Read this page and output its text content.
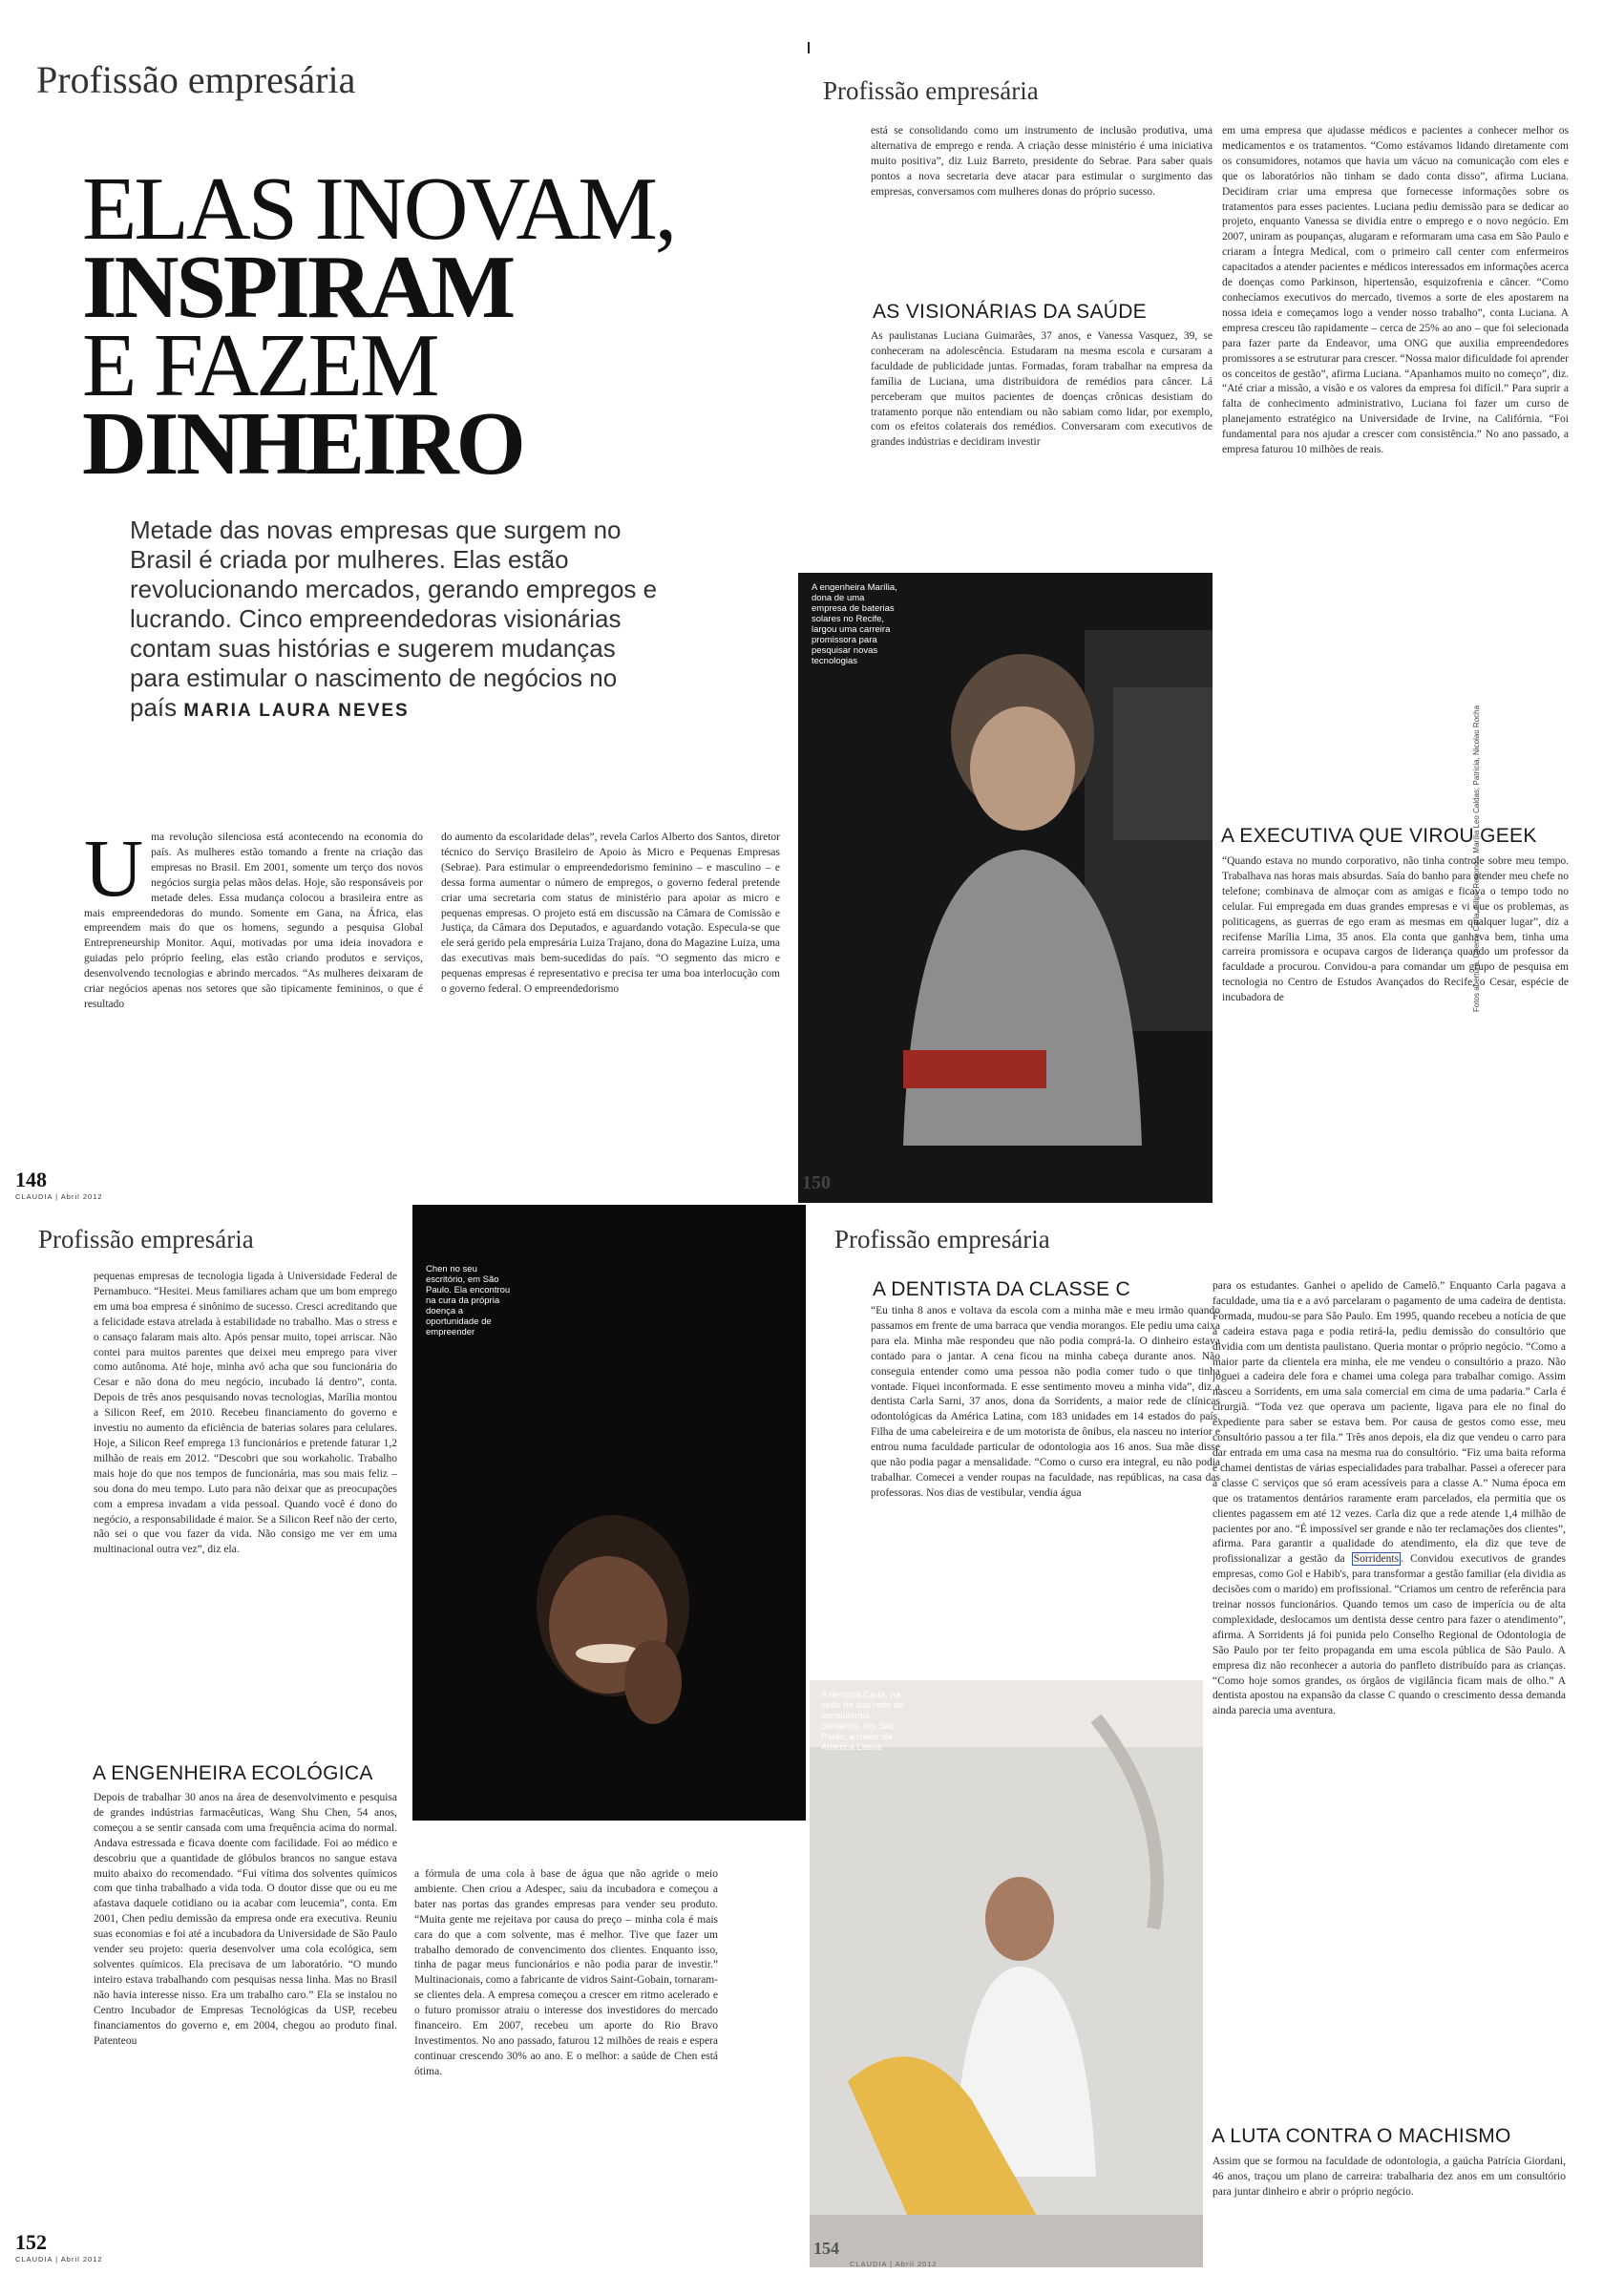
Profissão empresária
ELAS INOVAM,
INSPIRAM
E FAZEM
DINHEIRO

Metade das novas empresas que surgem no Brasil é criada por mulheres. Elas estão revolucionando mercados, gerando empregos e lucrando. Cinco empreendedoras visionárias contam suas histórias e sugerem mudanças para estimular o nascimento de negócios no país MARIA LAURA NEVES

Uma revolução silenciosa está acontecendo na economia do país. As mulheres estão tomando a frente na criação das empresas no Brasil. Em 2001, somente um terço dos novos negócios surgia pelas mãos delas. Hoje, são responsáveis por metade deles. Essa mudança colocou a brasileira entre as mais empreendedoras do mundo. Somente em Gana, na África, elas empreendem mais do que os homens, segundo a pesquisa Global Entrepreneurship Monitor. Aqui, motivadas por uma ideia inovadora e guiadas pelo próprio feeling, elas estão criando produtos e serviços, desenvolvendo tecnologias e abrindo mercados. “As mulheres deixaram de criar negócios apenas nos setores que são tipicamente femininos, o que é resultado
do aumento da escolaridade delas”, revela Carlos Alberto dos Santos, diretor técnico do Serviço Brasileiro de Apoio às Micro e Pequenas Empresas (Sebrae). Para estimular o empreendedorismo feminino – e masculino – e dessa forma aumentar o número de empregos, o governo federal pretende criar uma secretaria com status de ministério para apoiar as micro e pequenas empresas. O projeto está em discussão na Câmara de Comissão e Justiça, da Câmara dos Deputados, e aguardando votação. Especula-se que ele será gerido pela empresária Luiza Trajano, dona do Magazine Luiza, uma das executivas mais bem-sucedidas do país. “O segmento das micro e pequenas empresas é representativo e precisa ter uma boa interlocução com o governo federal. O empreendedorismo
148
CLAUDIA | Abril 2012
Profissão empresária
está se consolidando como um instrumento de inclusão produtiva, uma alternativa de emprego e renda. A criação desse ministério é uma iniciativa muito positiva”, diz Luiz Barreto, presidente do Sebrae. Para saber quais pontos a nova secretaria deve atacar para estimular o surgimento das empresas, conversamos com mulheres donas do próprio sucesso.
AS VISIONÁRIAS DA SAÚDE
As paulistanas Luciana Guimarães, 37 anos, e Vanessa Vasquez, 39, se conheceram na adolescência. Estudaram na mesma escola e cursaram a faculdade de publicidade juntas. Formadas, foram trabalhar na empresa da família de Luciana, uma distribuidora de remédios para câncer. Lá perceberam que muitos pacientes de doenças crônicas desistiam do tratamento porque não entendiam ou não sabiam como lidar, por exemplo, com os efeitos colaterais dos remédios. Conversaram com executivos de grandes indústrias e decidiram investir
A engenheira Marília, dona de uma empresa de baterias solares no Recife, largou uma carreira promissora para pesquisar novas tecnologias
150
em uma empresa que ajudasse médicos e pacientes a conhecer melhor os medicamentos e os tratamentos. “Como estávamos lidando diretamente com os consumidores, notamos que havia um vácuo na comunicação com eles e que os laboratórios não tinham se dado conta disso”, afirma Luciana. Decidiram criar uma empresa que fornecesse informações sobre os tratamentos para esses pacientes. Luciana pediu demissão para se dedicar ao projeto, enquanto Vanessa se dividia entre o emprego e o novo negócio. Em 2007, uniram as poupanças, alugaram e reformaram uma casa em São Paulo e criaram a Íntegra Medical, com o primeiro call center com enfermeiros capacitados a atender pacientes e médicos interessados em informações acerca de doenças como Parkinson, hipertensão, esquizofrenia e câncer. “Como conhecíamos executivos do mercado, tivemos a sorte de eles apostarem na nossa ideia e começamos logo a vender nosso trabalho”, conta Luciana. A empresa cresceu tão rapidamente – cerca de 25% ao ano – que foi selecionada para fazer parte da Endeavor, uma ONG que auxilia empreendedores promissores a se estruturar para crescer. “Nossa maior dificuldade foi aprender os conceitos de gestão”, afirma Luciana. “Apanhamos muito no começo”, diz. “Até criar a missão, a visão e os valores da empresa foi difícil.” Para suprir a falta de conhecimento administrativo, Luciana foi fazer um curso de planejamento estratégico na Universidade de Irvine, na Califórnia. “Foi fundamental para nos ajudar a crescer com consistência.” No ano passado, a empresa faturou 10 milhões de reais.
A EXECUTIVA QUE VIROU GEEK
“Quando estava no mundo corporativo, não tinha controle sobre meu tempo. Trabalhava nas horas mais absurdas. Saía do banho para atender meu chefe no telefone; combinava de almoçar com as amigas e ficava o tempo todo no celular. Fui empregada em duas grandes empresas e vi que os problemas, as politicagens, as guerras de ego eram as mesmas em qualquer lugar”, diz a recifense Marília Lima, 35 anos. Ela conta que ganhava bem, tinha uma carreira promissora e ocupava cargos de liderança quando um professor da faculdade a procurou. Convidou-a para comandar um grupo de pesquisa em tecnologia no Centro de Estudos Avançados do Recife, o Cesar, espécie de incubadora de	Fotos abertura, Chen e Carla, Filipe Redondo. Marília Leo Caldas; Patrícia, Nicolau Rocha
Profissão empresária
pequenas empresas de tecnologia ligada à Universidade Federal de Pernambuco. “Hesitei. Meus familiares acham que um bom emprego em uma boa empresa é sinônimo de sucesso. Cresci acreditando que a felicidade estava atrelada à estabilidade no trabalho. Mas o stress e o cansaço falaram mais alto. Após pensar muito, topei arriscar. Não contei para muitos parentes que deixei meu emprego para viver como autônoma. Até hoje, minha avó acha que sou funcionária do Cesar e não dona do meu negócio, incubado lá dentro”, conta. Depois de três anos pesquisando novas tecnologias, Marília montou a Silicon Reef, em 2010. Recebeu financiamento do governo e investiu no aumento da eficiência de baterias solares para celulares. Hoje, a Silicon Reef emprega 13 funcionários e pretende faturar 1,2 milhão de reais em 2012. “Descobri que sou workaholic. Trabalho mais hoje do que nos tempos de funcionária, mas sou mais feliz – sou dona do meu tempo. Luto para não deixar que as preocupações com a empresa invadam a vida pessoal. Quando você é dono do negócio, a responsabilidade é maior. Se a Silicon Reef não der certo, não sei o que vou fazer da vida. Não consigo me ver em uma multinacional outra vez”, diz ela.
Chen no seu escritório, em São Paulo. Ela encontrou na cura da própria doença a oportunidade de empreender
A ENGENHEIRA ECOLÓGICA
Depois de trabalhar 30 anos na área de desenvolvimento e pesquisa de grandes indústrias farmacêuticas, Wang Shu Chen, 54 anos, começou a se sentir cansada com uma frequência acima do normal. Andava estressada e ficava doente com facilidade. Foi ao médico e descobriu que a quantidade de glóbulos brancos no sangue estava muito abaixo do recomendado. “Fui vítima dos solventes químicos com que tinha trabalhado a vida toda. O doutor disse que ou eu me afastava daquele cotidiano ou ia acabar com leucemia”, conta. Em 2001, Chen pediu demissão da empresa onde era executiva. Reuniu suas economias e foi até a incubadora da Universidade de São Paulo vender seu projeto: queria desenvolver uma cola ecológica, sem solventes químicos. Ela precisava de um laboratório. “O mundo inteiro estava trabalhando com pesquisas nessa linha. Mas no Brasil não havia interesse nisso. Era um trabalho caro.” Ela se instalou no Centro Incubador de Empresas Tecnológicas da USP, recebeu financiamentos do governo e, em 2004, chegou ao produto final. Patenteou
a fórmula de uma cola à base de água que não agride o meio ambiente. Chen criou a Adespec, saiu da incubadora e começou a bater nas portas das grandes empresas para vender seu produto. “Muita gente me rejeitava por causa do preço – minha cola é mais cara do que a com solvente, mas é melhor. Tive que fazer um trabalho demorado de convencimento dos clientes. Enquanto isso, tinha de pagar meus funcionários e não podia parar de investir.” Multinacionais, como a fabricante de vidros Saint-Gobain, tornaram-se clientes dela. A empresa começou a crescer em ritmo acelerado e o futuro promissor atraiu o interesse dos investidores do mercado financeiro. Em 2007, recebeu um aporte do Rio Bravo Investimentos. No ano passado, faturou 12 milhões de reais e espera continuar crescendo 30% ao ano. E o melhor: a saúde de Chen está ótima.
152
CLAUDIA | Abril 2012
Profissão empresária
A DENTISTA DA CLASSE C
“Eu tinha 8 anos e voltava da escola com a minha mãe e meu irmão quando passamos em frente de uma barraca que vendia morangos. Ele pediu uma caixa para ela. Minha mãe respondeu que não podia comprá-la. O dinheiro estava contado para o jantar. A cena ficou na minha cabeça durante anos. Não conseguia entender como uma pessoa não podia comer tudo o que tinha vontade. Fiquei inconformada. E esse sentimento moveu a minha vida”, diz a dentista Carla Sarni, 37 anos, dona da Sorridents, a maior rede de clínicas odontológicas da América Latina, com 183 unidades em 14 estados do país. Filha de uma cabeleireira e de um motorista de ônibus, ela nasceu no interior e entrou numa faculdade particular de odontologia aos 16 anos. Sua mãe disse que não podia pagar a mensalidade. “Como o curso era integral, eu não podia trabalhar. Comecei a vender roupas na faculdade, nas repúblicas, na casa das professoras. Nos dias de vestibular, vendia água
A dentista Carla, na sede de sua rede de consultórios dentários, em São Paulo, a maior da América Latina
154
CLAUDIA | Abril 2012
para os estudantes. Ganhei o apelido de Camelô.” Enquanto Carla pagava a faculdade, uma tia e a avó parcelaram o pagamento de uma cadeira de dentista. Formada, mudou-se para São Paulo. Em 1995, quando recebeu a notícia de que a cadeira estava paga e podia retirá-la, pediu demissão do consultório que dividia com um dentista paulistano. Queria montar o próprio negócio. “Como a maior parte da clientela era minha, ele me vendeu o consultório a prazo. Não joguei a cadeira dele fora e chamei uma colega para trabalhar comigo. Assim nasceu a Sorridents, em uma sala comercial em cima de uma padaria.” Carla é cirurgiã. “Toda vez que operava um paciente, ligava para ele no final do expediente para saber se estava bem. Por causa de gestos como esse, meu consultório passou a ter fila.” Três anos depois, ela diz que vendeu o carro para dar entrada em uma casa na mesma rua do consultório. “Fiz uma baita reforma e chamei dentistas de várias especialidades para trabalhar. Passei a oferecer para a classe C serviços que só eram acessíveis para a classe A.” Numa época em que os tratamentos dentários raramente eram parcelados, ela permitia que os clientes pagassem em até 12 vezes. Carla diz que a rede atende 1,4 milhão de pacientes por ano. “É impossível ser grande e não ter reclamações dos clientes”, afirma. Para garantir a qualidade do atendimento, ela diz que teve de profissionalizar a gestão da Sorridents . Convidou executivos de grandes empresas, como Gol e Habib's, para transformar a gestão familiar (ela dividia as decisões com o marido) em profissional. “Criamos um centro de referência para treinar nossos funcionários. Quando temos um caso de imperícia ou de alta complexidade, deslocamos um dentista desse centro para fazer o atendimento”, afirma. A Sorridents já foi punida pelo Conselho Regional de Odontologia de São Paulo por ter feito propaganda em uma escola pública de São Paulo. A empresa diz não reconhecer a autoria do panfleto distribuído para as crianças. “Como hoje somos grandes, os órgãos de vigilância ficam mais de olho.” A dentista apostou na expansão da classe C quando o crescimento dessa demanda ainda parecia uma aventura.
A LUTA CONTRA O MACHISMO
Assim que se formou na faculdade de odontologia, a gaúcha Patrícia Giordani, 46 anos, traçou um plano de carreira: trabalharia dez anos em um consultório para juntar dinheiro e abrir o próprio negócio.
